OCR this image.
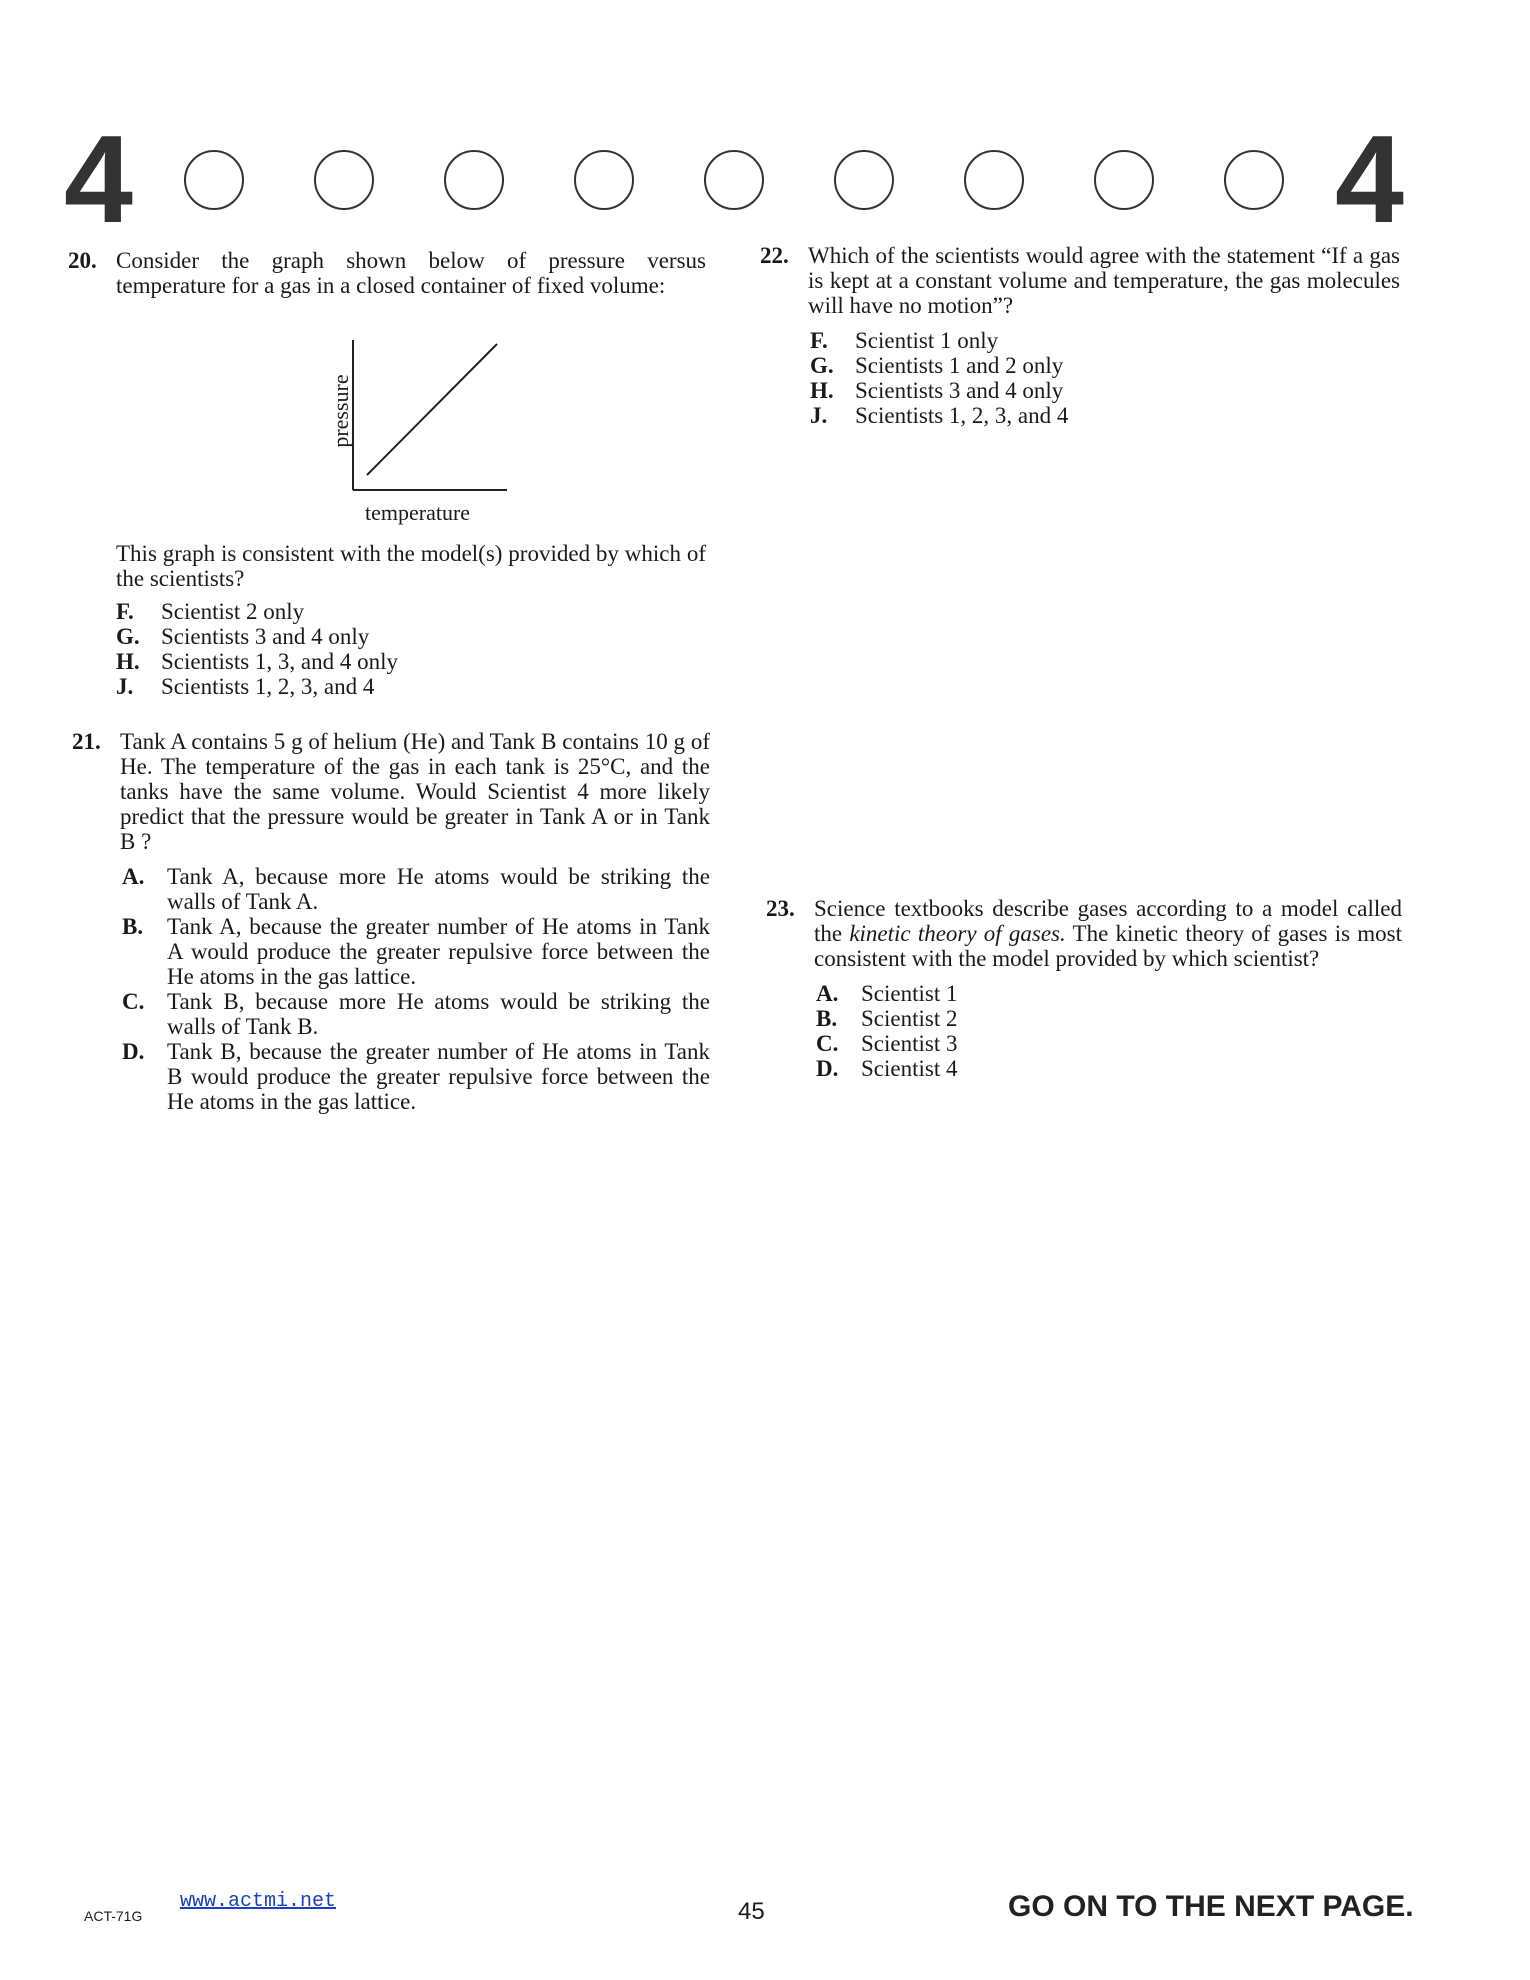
4	4
20. Consider the graph shown below of pressure versus temperature for a gas in a closed container of fixed volume:
pressure
temperature
This graph is consistent with the model(s) provided by which of the scientists?
F. Scientist 2 only
G. Scientists 3 and 4 only
H. Scientists 1, 3, and 4 only
J. Scientists 1, 2, 3, and 4
21. Tank A contains 5 g of helium (He) and Tank B contains 10 g of He. The temperature of the gas in each tank is 25°C, and the tanks have the same volume. Would Scientist 4 more likely predict that the pressure would be greater in Tank A or in Tank B ?
A. Tank A, because more He atoms would be striking the walls of Tank A.
B. Tank A, because the greater number of He atoms in Tank A would produce the greater repulsive force between the He atoms in the gas lattice.
C. Tank B, because more He atoms would be striking the walls of Tank B.
D. Tank B, because the greater number of He atoms in Tank B would produce the greater repulsive force between the He atoms in the gas lattice.
22. Which of the scientists would agree with the statement “If a gas is kept at a constant volume and temperature, the gas molecules will have no motion”?
F. Scientist 1 only
G. Scientists 1 and 2 only
H. Scientists 3 and 4 only
J. Scientists 1, 2, 3, and 4
23. Science textbooks describe gases according to a model called the kinetic theory of gases. The kinetic theory of gases is most consistent with the model provided by which scientist?
A. Scientist 1
B. Scientist 2
C. Scientist 3
D. Scientist 4
ACT-71G
www.actmi.net	45	GO ON TO THE NEXT PAGE.
